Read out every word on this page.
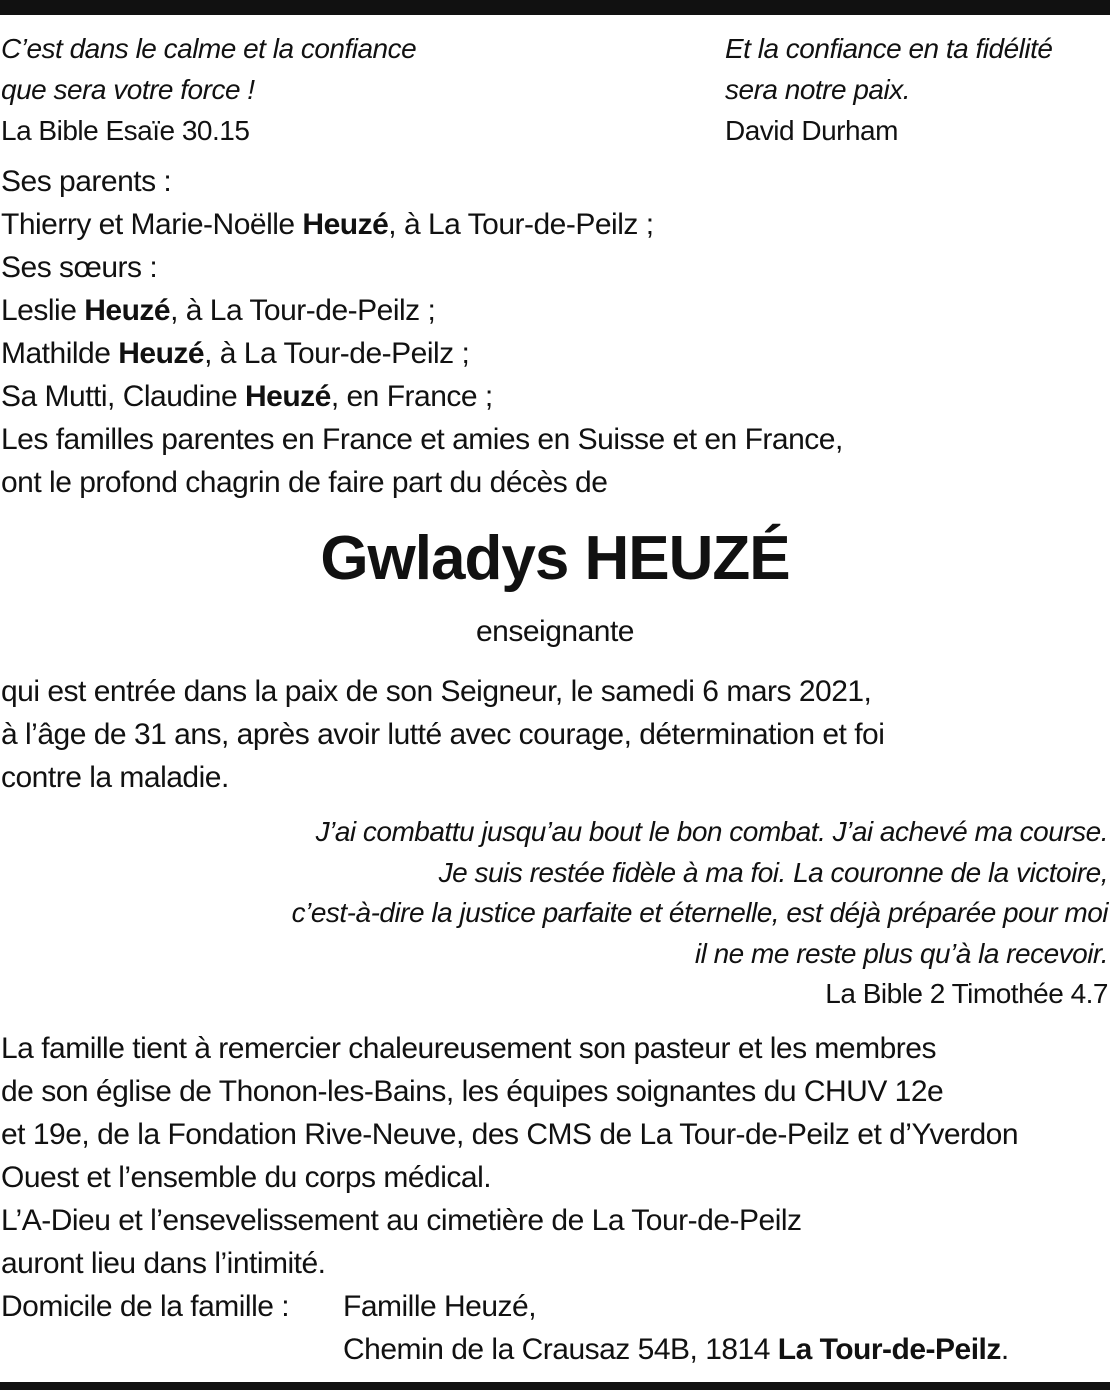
C’est dans le calme et la confiance
que sera votre force !
La Bible Esaïe 30.15
Et la confiance en ta fidélité
sera notre paix.
David Durham
Ses parents :
Thierry et Marie-Noëlle Heuzé, à La Tour-de-Peilz ;
Ses sœurs :
Leslie Heuzé, à La Tour-de-Peilz ;
Mathilde Heuzé, à La Tour-de-Peilz ;
Sa Mutti, Claudine Heuzé, en France ;
Les familles parentes en France et amies en Suisse et en France,
ont le profond chagrin de faire part du décès de
Gwladys HEUZÉ
enseignante
qui est entrée dans la paix de son Seigneur, le samedi 6 mars 2021,
à l’âge de 31 ans, après avoir lutté avec courage, détermination et foi
contre la maladie.
J’ai combattu jusqu’au bout le bon combat. J’ai achevé ma course.
Je suis restée fidèle à ma foi. La couronne de la victoire,
c’est-à-dire la justice parfaite et éternelle, est déjà préparée pour moi
il ne me reste plus qu’à la recevoir.
La Bible 2 Timothée 4.7
La famille tient à remercier chaleureusement son pasteur et les membres
de son église de Thonon-les-Bains, les équipes soignantes du CHUV 12e
et 19e, de la Fondation Rive-Neuve, des CMS de La Tour-de-Peilz et d’Yverdon
Ouest et l’ensemble du corps médical.
L’A-Dieu et l’ensevelissement au cimetière de La Tour-de-Peilz
auront lieu dans l’intimité.
Domicile de la famille :	Famille Heuzé,
Chemin de la Crausaz 54B, 1814 La Tour-de-Peilz.
